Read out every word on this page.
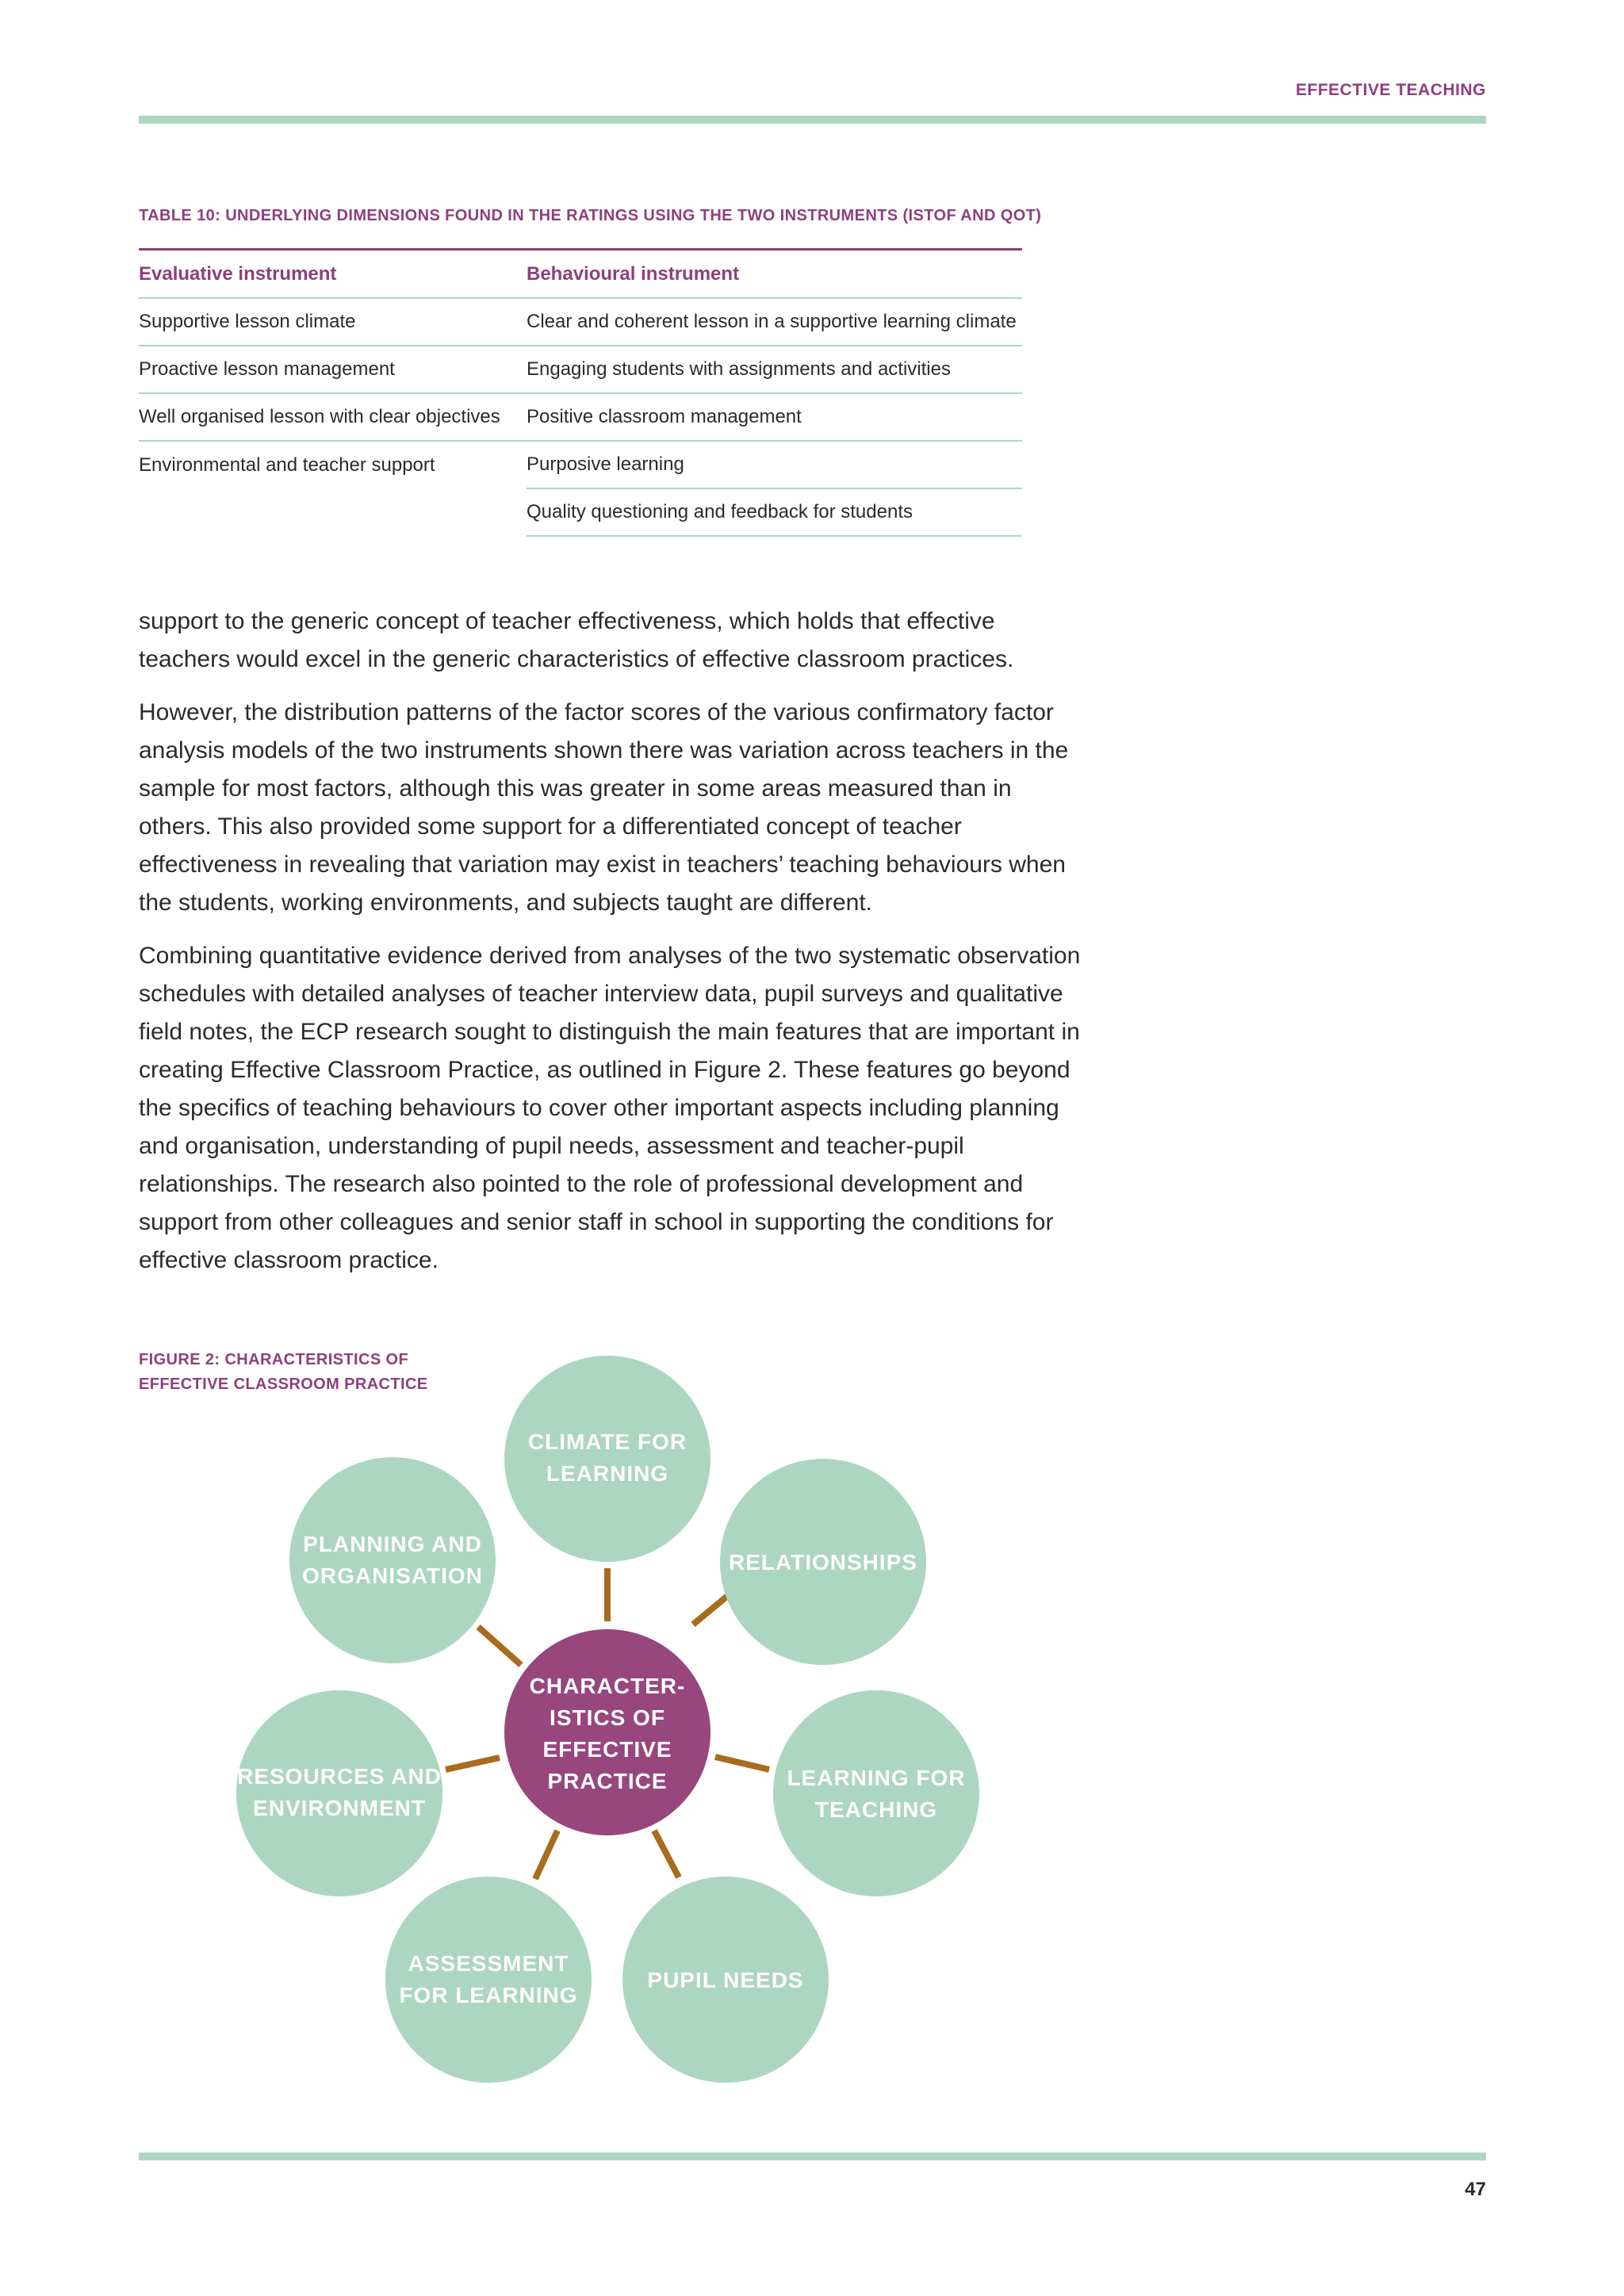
EFFECTIVE TEACHING
TABLE 10: UNDERLYING DIMENSIONS FOUND IN THE RATINGS USING THE TWO INSTRUMENTS (ISTOF AND QOT)
Evaluative instrument	Behavioural instrument
Supportive lesson climate	Clear and coherent lesson in a supportive learning climate
Proactive lesson management	Engaging students with assignments and activities
Well organised lesson with clear objectives	Positive classroom management
Environmental and teacher support	Purposive learning
	Quality questioning and feedback for students

support to the generic concept of teacher effectiveness, which holds that effective teachers would excel in the generic characteristics of effective classroom practices.

However, the distribution patterns of the factor scores of the various confirmatory factor analysis models of the two instruments shown there was variation across teachers in the sample for most factors, although this was greater in some areas measured than in others. This also provided some support for a differentiated concept of teacher effectiveness in revealing that variation may exist in teachers’ teaching behaviours when the students, working environments, and subjects taught are different.

Combining quantitative evidence derived from analyses of the two systematic observation schedules with detailed analyses of teacher interview data, pupil surveys and qualitative field notes, the ECP research sought to distinguish the main features that are important in creating Effective Classroom Practice, as outlined in Figure 2. These features go beyond the specifics of teaching behaviours to cover other important aspects including planning and organisation, understanding of pupil needs, assessment and teacher-pupil relationships. The research also pointed to the role of professional development and support from other colleagues and senior staff in school in supporting the conditions for effective classroom practice.

FIGURE 2: CHARACTERISTICS OF
EFFECTIVE CLASSROOM PRACTICE
CLIMATE FOR
LEARNING
RELATIONSHIPS
LEARNING FOR
TEACHING
PUPIL NEEDS
ASSESSMENT
FOR LEARNING
RESOURCES AND
ENVIRONMENT
PLANNING AND
ORGANISATION
CHARACTER-
ISTICS OF
EFFECTIVE
PRACTICE
47
